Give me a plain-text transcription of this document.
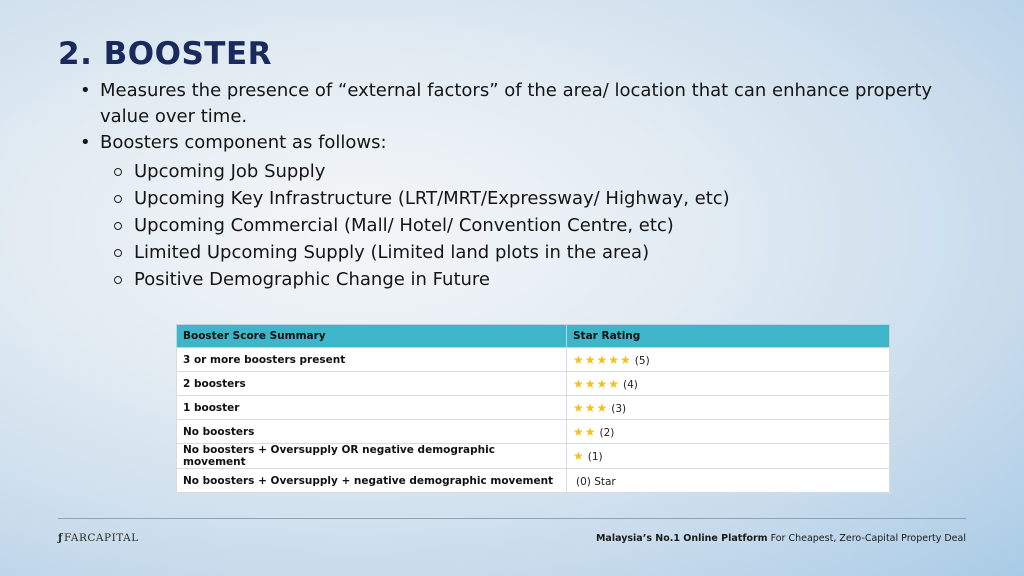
2. BOOSTER
• Measures the presence of “external factors” of the area/ location that can enhance property value over time.
• Boosters component as follows:
Upcoming Job Supply
Upcoming Key Infrastructure (LRT/MRT/Expressway/ Highway, etc)
Upcoming Commercial (Mall/ Hotel/ Convention Centre, etc)
Limited Upcoming Supply (Limited land plots in the area)
Positive Demographic Change in Future
Booster Score Summary	Star Rating
3 or more boosters present	★★★★★ (5)
2 boosters	★★★★ (4)
1 booster	★★★ (3)
No boosters	★★ (2)
No boosters + Oversupply OR negative demographic movement	★ (1)
No boosters + Oversupply + negative demographic movement	(0) Star
ƒFARCAPITAL	Malaysia’s No.1 Online Platform For Cheapest, Zero-Capital Property Deal
